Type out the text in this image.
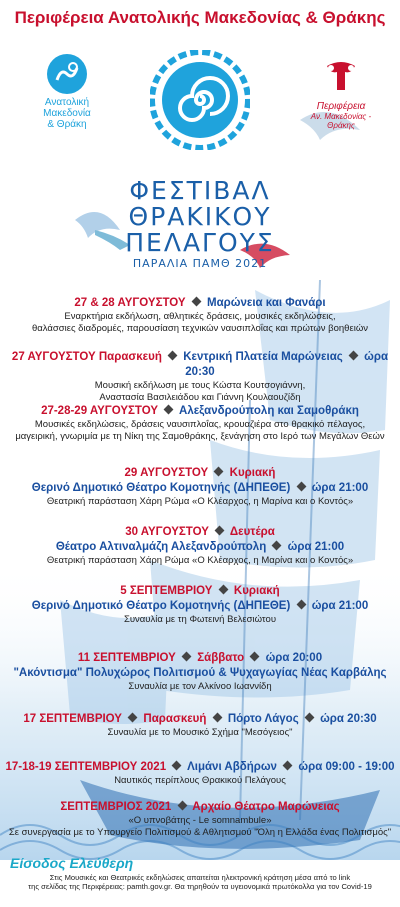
Περιφέρεια Ανατολικής Μακεδονίας & Θράκης
Ανατολική
Μακεδονία
& Θράκη
Περιφέρεια
Αν. Μακεδονίας - Θράκης
ΦΕΣΤΙΒΑΛ
ΘΡΑΚΙΚΟΥ
ΠΕΛΑΓΟΥΣ
ΠΑΡΑΛΙΑ ΠΑΜΘ 2021
27 & 28 ΑΥΓΟΥΣΤΟΥ Μαρώνεια και Φανάρι
Εναρκτήρια εκδήλωση, αθλητικές δράσεις, μουσικές εκδηλώσεις,
θαλάσσιες διαδρομές, παρουσίαση τεχνικών ναυσιπλοΐας και πρώτων βοηθειών
27 ΑΥΓΟΥΣΤΟΥ Παρασκευή Κεντρική Πλατεία Μαρώνειας ώρα 20:30
Μουσική εκδήλωση με τους Κώστα Κουτσογιάννη,
Αναστασία Βασιλειάδου και Γιάννη Κουλαουζίδη
27-28-29 ΑΥΓΟΥΣΤΟΥ Αλεξανδρούπολη και Σαμοθράκη
Μουσικές εκδηλώσεις, δράσεις ναυσιπλοΐας, κρουαζιέρα στο θρακικό πέλαγος,
μαγειρική, γνωριμία με τη Νίκη της Σαμοθράκης, ξενάγηση στο Ιερό των Μεγάλων Θεών
29 ΑΥΓΟΥΣΤΟΥ Κυριακή
Θερινό Δημοτικό Θέατρο Κομοτηνής (ΔΗΠΕΘΕ) ώρα 21:00
Θεατρική παράσταση Χάρη Ρώμα «Ο Κλέαρχος, η Μαρίνα και ο Κοντός»
30 ΑΥΓΟΥΣΤΟΥ Δευτέρα
Θέατρο Αλτιναλμάζη Αλεξανδρούπολη ώρα 21:00
Θεατρική παράσταση Χάρη Ρώμα «Ο Κλέαρχος, η Μαρίνα και ο Κοντός»
5 ΣΕΠΤΕΜΒΡΙΟΥ Κυριακή
Θερινό Δημοτικό Θέατρο Κομοτηνής (ΔΗΠΕΘΕ) ώρα 21:00
Συναυλία με τη Φωτεινή Βελεσιώτου
11 ΣΕΠΤΕΜΒΡΙΟΥ Σάββατο ώρα 20:00
"Ακόντισμα" Πολυχώρος Πολιτισμού & Ψυχαγωγίας Νέας Καρβάλης
Συναυλία με τον Αλκίνοο Ιωαννίδη
17 ΣΕΠΤΕΜΒΡΙΟΥ Παρασκευή Πόρτο Λάγος ώρα 20:30
Συναυλία με το Μουσικό Σχήμα "Μεσόγειος"
17-18-19 ΣΕΠΤΕΜΒΡΙΟΥ 2021 Λιμάνι Αβδήρων ώρα 09:00 - 19:00
Ναυτικός περίπλους Θρακικού Πελάγους
ΣΕΠΤΕΜΒΡΙΟΣ 2021 Αρχαίο Θέατρο Μαρώνειας
«Ο υπνοβάτης - Le somnambule»
Σε συνεργασία με το Υπουργείο Πολιτισμού & Αθλητισμού "Όλη η Ελλάδα ένας Πολιτισμός"
Είσοδος Ελεύθερη
Στις Μουσικές και Θεατρικές εκδηλώσεις απαιτείται ηλεκτρονική κράτηση μέσα από το link
της σελίδας της Περιφέρειας: pamth.gov.gr. Θα τηρηθούν τα υγειονομικά πρωτόκολλα για τον Covid-19
